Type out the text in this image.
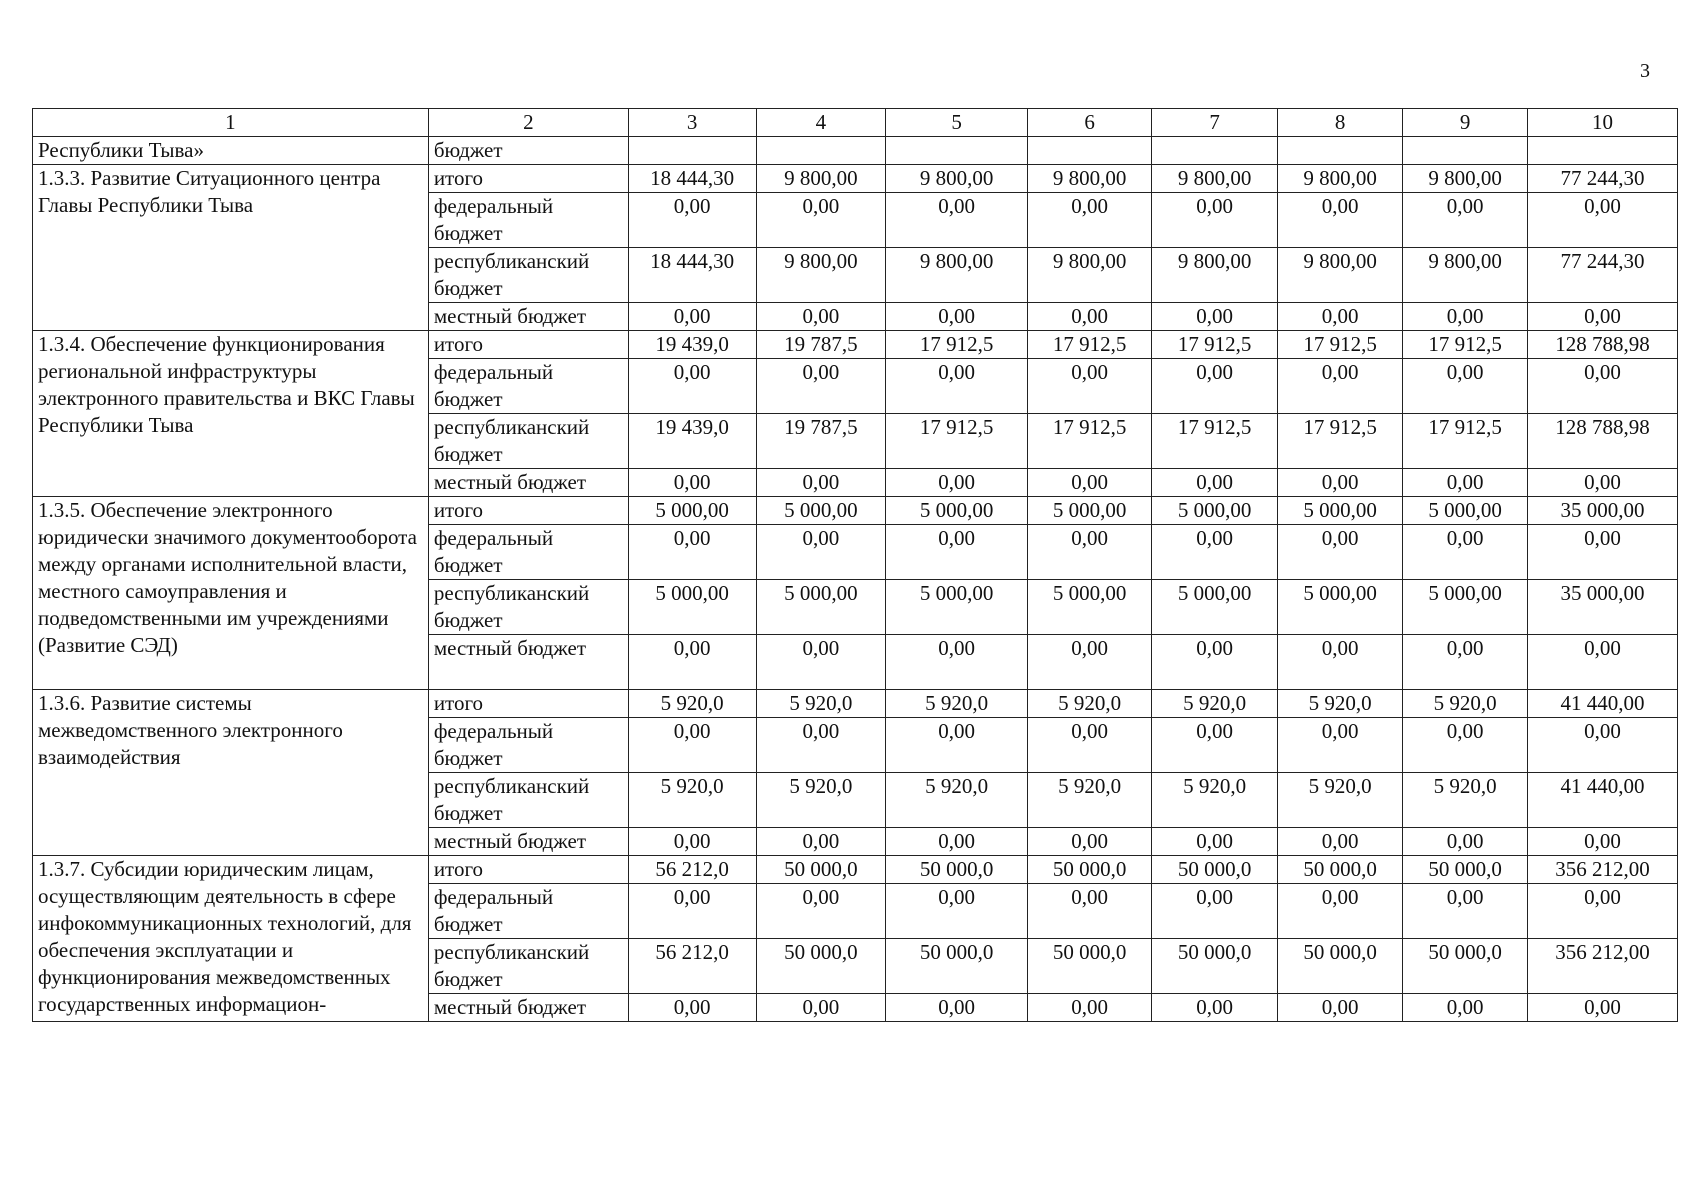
3
1	2	3	4	5	6	7	8	9	10
Республики Тыва»	бюджет								
1.3.3. Развитие Ситуационного центра Главы Республики Тыва	итого	18 444,30	9 800,00	9 800,00	9 800,00	9 800,00	9 800,00	9 800,00	77 244,30
	федеральный бюджет	0,00	0,00	0,00	0,00	0,00	0,00	0,00	0,00
	республиканский бюджет	18 444,30	9 800,00	9 800,00	9 800,00	9 800,00	9 800,00	9 800,00	77 244,30
	местный бюджет	0,00	0,00	0,00	0,00	0,00	0,00	0,00	0,00
1.3.4. Обеспечение функционирования региональной инфраструктуры электронного правительства и ВКС Главы Республики Тыва	итого	19 439,0	19 787,5	17 912,5	17 912,5	17 912,5	17 912,5	17 912,5	128 788,98
	федеральный бюджет	0,00	0,00	0,00	0,00	0,00	0,00	0,00	0,00
	республиканский бюджет	19 439,0	19 787,5	17 912,5	17 912,5	17 912,5	17 912,5	17 912,5	128 788,98
	местный бюджет	0,00	0,00	0,00	0,00	0,00	0,00	0,00	0,00
1.3.5. Обеспечение электронного юридически значимого документооборота между органами исполнительной власти, местного самоуправления и подведомственными им учреждениями (Развитие СЭД)	итого	5 000,00	5 000,00	5 000,00	5 000,00	5 000,00	5 000,00	5 000,00	35 000,00
	федеральный бюджет	0,00	0,00	0,00	0,00	0,00	0,00	0,00	0,00
	республиканский бюджет	5 000,00	5 000,00	5 000,00	5 000,00	5 000,00	5 000,00	5 000,00	35 000,00
	местный бюджет	0,00	0,00	0,00	0,00	0,00	0,00	0,00	0,00
1.3.6. Развитие системы межведомственного электронного взаимодействия	итого	5 920,0	5 920,0	5 920,0	5 920,0	5 920,0	5 920,0	5 920,0	41 440,00
	федеральный бюджет	0,00	0,00	0,00	0,00	0,00	0,00	0,00	0,00
	республиканский бюджет	5 920,0	5 920,0	5 920,0	5 920,0	5 920,0	5 920,0	5 920,0	41 440,00
	местный бюджет	0,00	0,00	0,00	0,00	0,00	0,00	0,00	0,00
1.3.7. Субсидии юридическим лицам, осуществляющим деятельность в сфере инфокоммуникационных технологий, для обеспечения эксплуатации и функционирования межведомственных государственных информацион-	итого	56 212,0	50 000,0	50 000,0	50 000,0	50 000,0	50 000,0	50 000,0	356 212,00
	федеральный бюджет	0,00	0,00	0,00	0,00	0,00	0,00	0,00	0,00
	республиканский бюджет	56 212,0	50 000,0	50 000,0	50 000,0	50 000,0	50 000,0	50 000,0	356 212,00
	местный бюджет	0,00	0,00	0,00	0,00	0,00	0,00	0,00	0,00
